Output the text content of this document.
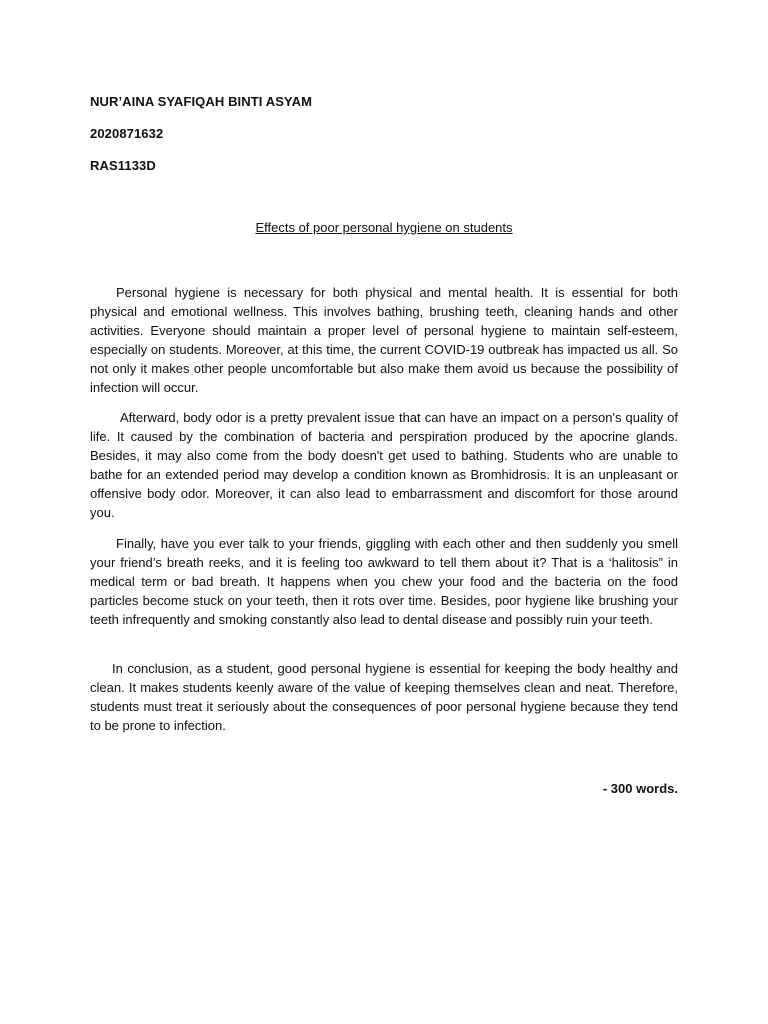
NUR’AINA SYAFIQAH BINTI ASYAM
2020871632
RAS1133D
Effects of poor personal hygiene on students

Personal hygiene is necessary for both physical and mental health. It is essential for both physical and emotional wellness. This involves bathing, brushing teeth, cleaning hands and other activities. Everyone should maintain a proper level of personal hygiene to maintain self-esteem, especially on students. Moreover, at this time, the current COVID-19 outbreak has impacted us all. So not only it makes other people uncomfortable but also make them avoid us because the possibility of infection will occur.

Afterward, body odor is a pretty prevalent issue that can have an impact on a person's quality of life. It caused by the combination of bacteria and perspiration produced by the apocrine glands. Besides, it may also come from the body doesn't get used to bathing. Students who are unable to bathe for an extended period may develop a condition known as Bromhidrosis. It is an unpleasant or offensive body odor. Moreover, it can also lead to embarrassment and discomfort for those around you.

Finally, have you ever talk to your friends, giggling with each other and then suddenly you smell your friend’s breath reeks, and it is feeling too awkward to tell them about it? That is a ‘halitosis” in medical term or bad breath. It happens when you chew your food and the bacteria on the food particles become stuck on your teeth, then it rots over time. Besides, poor hygiene like brushing your teeth infrequently and smoking constantly also lead to dental disease and possibly ruin your teeth.

In conclusion, as a student, good personal hygiene is essential for keeping the body healthy and clean. It makes students keenly aware of the value of keeping themselves clean and neat. Therefore, students must treat it seriously about the consequences of poor personal hygiene because they tend to be prone to infection.

- 300 words.
